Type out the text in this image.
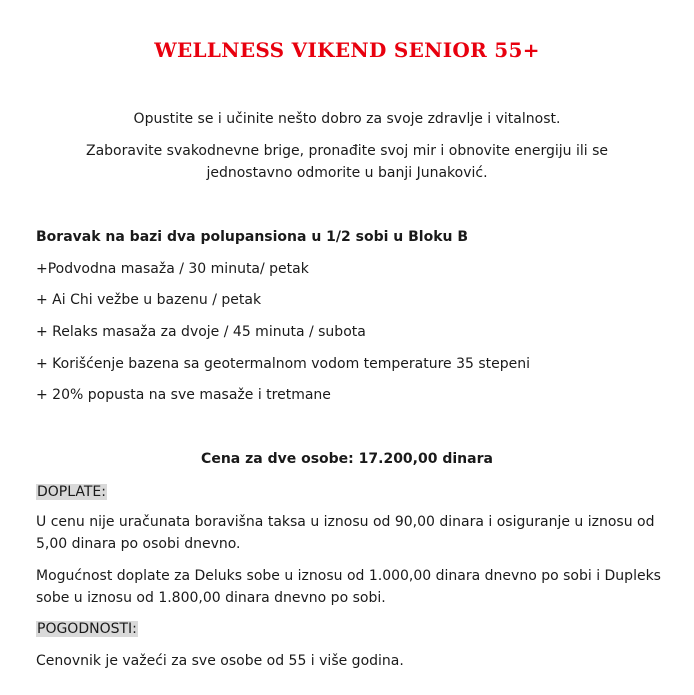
WELLNESS VIKEND SENIOR 55+
Opustite se i učinite nešto dobro za svoje zdravlje i vitalnost.
Zaboravite svakodnevne brige, pronađite svoj mir i obnovite energiju ili se jednostavno odmorite u banji Junaković.
Boravak na bazi dva polupansiona u 1/2 sobi u Bloku B
+Podvodna masaža / 30 minuta/ petak
+ Ai Chi vežbe u bazenu / petak
+ Relaks masaža za dvoje / 45 minuta / subota
+ Korišćenje bazena sa geotermalnom vodom temperature 35 stepeni
+ 20% popusta na sve masaže i tretmane
Cena za dve osobe: 17.200,00 dinara
DOPLATE:
U cenu nije uračunata boravišna taksa u iznosu od 90,00 dinara i osiguranje u iznosu od 5,00 dinara po osobi dnevno.
Mogućnost doplate za Deluks sobe u iznosu od 1.000,00 dinara dnevno po sobi i Dupleks sobe u iznosu od 1.800,00 dinara dnevno po sobi.
POGODNOSTI:
Cenovnik je važeći za sve osobe od 55 i više godina.
